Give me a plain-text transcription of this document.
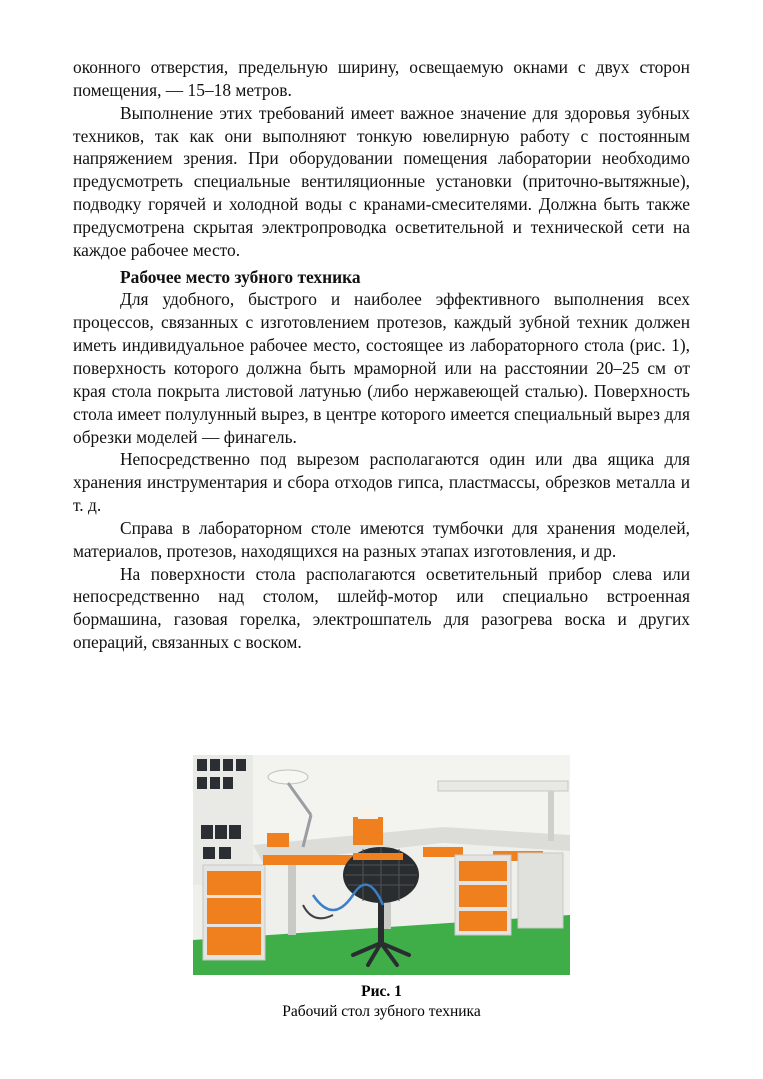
оконного отверстия, предельную ширину, освещаемую окнами с двух сторон помещения, — 15–18 метров.

Выполнение этих требований имеет важное значение для здоровья зубных техников, так как они выполняют тонкую ювелирную работу с постоянным напряжением зрения. При оборудовании помещения лаборатории необходимо предусмотреть специальные вентиляционные установки (приточно-вытяжные), подводку горячей и холодной воды с кранами-смесителями. Должна быть также предусмотрена скрытая электропроводка осветительной и технической сети на каждое рабочее место.

Рабочее место зубного техника

Для удобного, быстрого и наиболее эффективного выполнения всех процессов, связанных с изготовлением протезов, каждый зубной техник должен иметь индивидуальное рабочее место, состоящее из лабораторного стола (рис. 1), поверхность которого должна быть мраморной или на расстоянии 20–25 см от края стола покрыта листовой латунью (либо нержавеющей сталью). Поверхность стола имеет полулунный вырез, в центре которого имеется специальный вырез для обрезки моделей — финагель.

Непосредственно под вырезом располагаются один или два ящика для хранения инструментария и сбора отходов гипса, пластмассы, обрезков металла и т. д.

Справа в лабораторном столе имеются тумбочки для хранения моделей, материалов, протезов, находящихся на разных этапах изготовления, и др.

На поверхности стола располагаются осветительный прибор слева или непосредственно над столом, шлейф-мотор или специально встроенная бормашина, газовая горелка, электрошпатель для разогрева воска и других операций, связанных с воском.

Рис. 1
Рабочий стол зубного техника
